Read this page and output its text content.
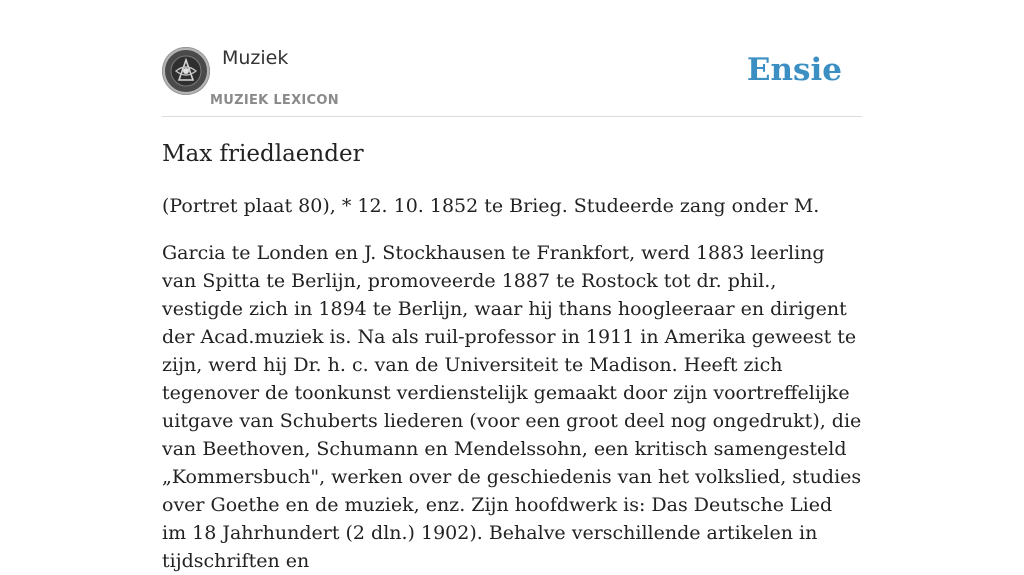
Muziek
MUZIEK LEXICON
Ensie
Max friedlaender

(Portret plaat 80), * 12. 10. 1852 te Brieg. Studeerde zang onder M.

Garcia te Londen en J. Stockhausen te Frankfort, werd 1883 leerling van Spitta te Berlijn, promoveerde 1887 te Rostock tot dr. phil., vestigde zich in 1894 te Berlijn, waar hij thans hoogleeraar en dirigent der Acad.muziek is. Na als ruil-professor in 1911 in Amerika geweest te zijn, werd hij Dr. h. c. van de Universiteit te Madison. Heeft zich tegenover de toonkunst verdienstelijk gemaakt door zijn voortreffelijke uitgave van Schuberts liederen (voor een groot deel nog ongedrukt), die van Beethoven, Schumann en Mendelssohn, een kritisch samengesteld „Kommersbuch", werken over de geschiedenis van het volkslied, studies over Goethe en de muziek, enz. Zijn hoofdwerk is: Das Deutsche Lied im 18 Jahrhundert (2 dln.) 1902). Behalve verschillende artikelen in tijdschriften en
